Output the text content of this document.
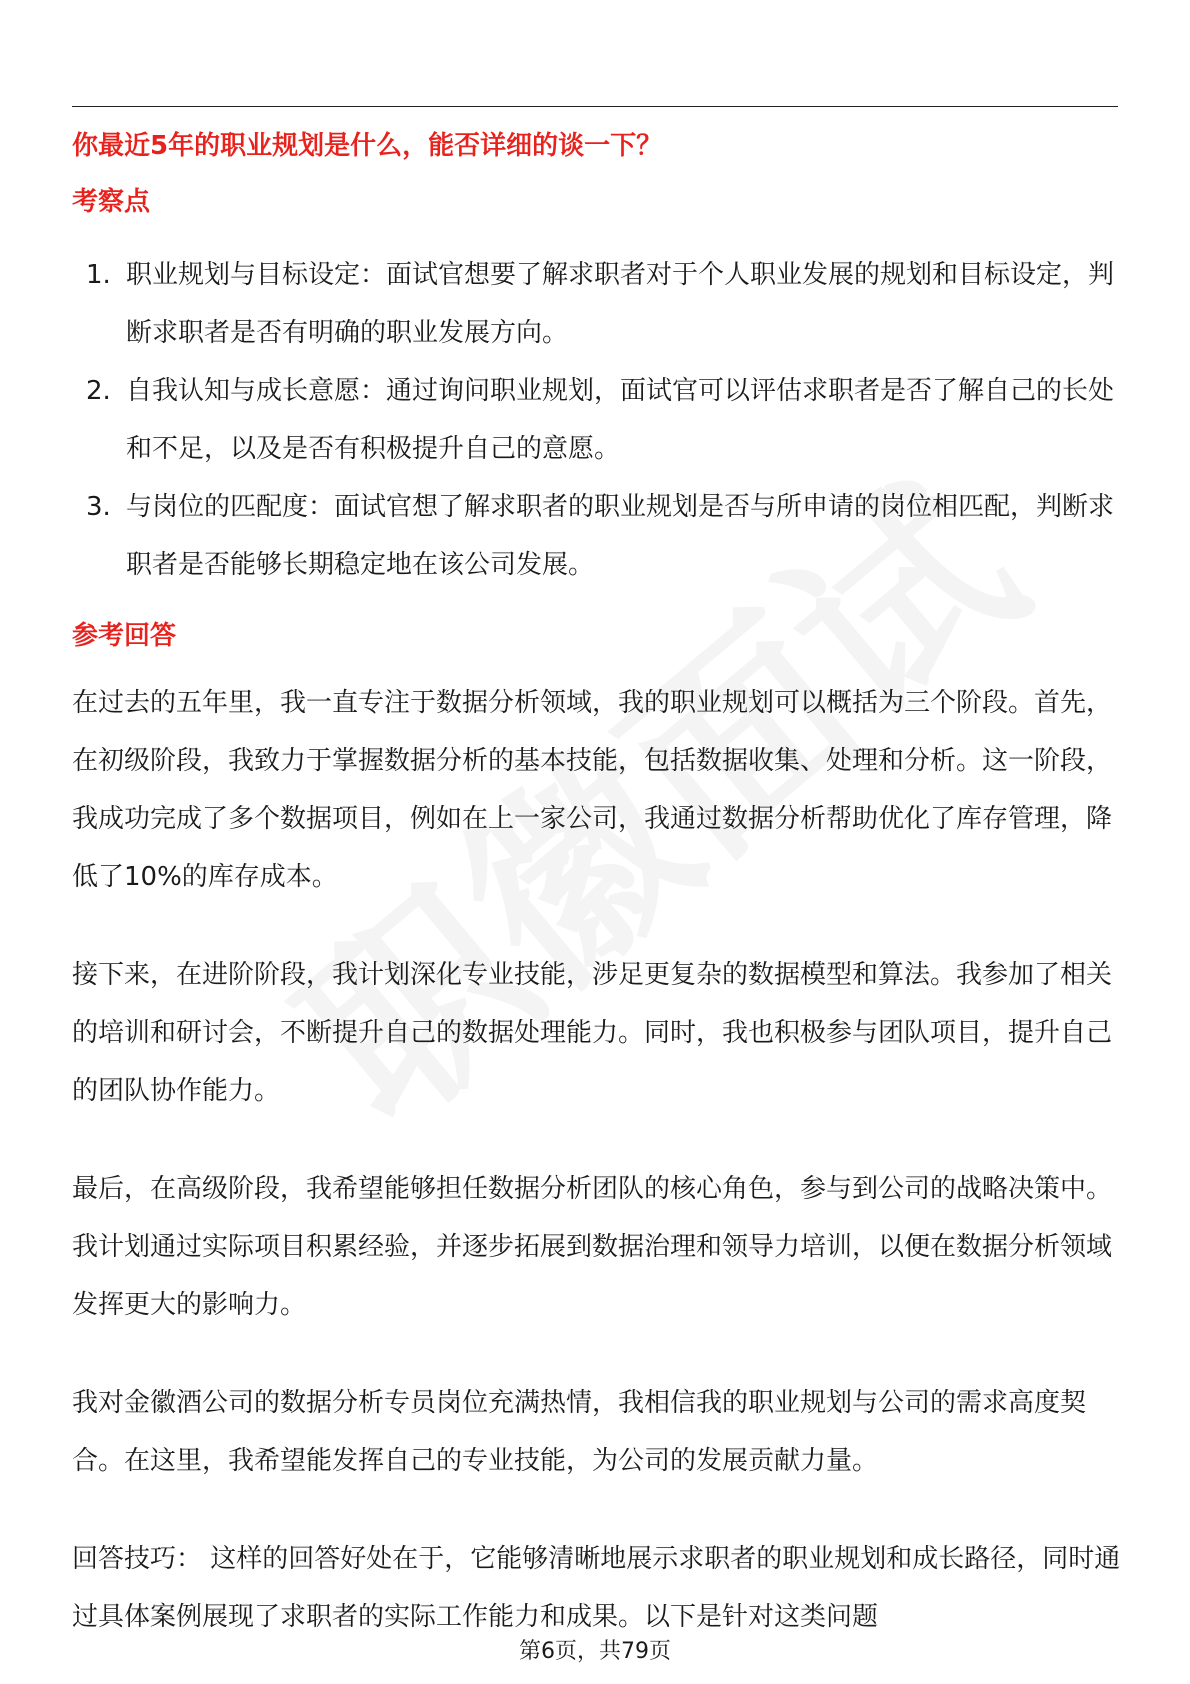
你最近5年的职业规划是什么，能否详细的谈一下？
考察点
1. 职业规划与目标设定：面试官想要了解求职者对于个人职业发展的规划和目标设定，判断求职者是否有明确的职业发展方向。
2. 自我认知与成长意愿：通过询问职业规划，面试官可以评估求职者是否了解自己的长处和不足，以及是否有积极提升自己的意愿。
3. 与岗位的匹配度：面试官想了解求职者的职业规划是否与所申请的岗位相匹配，判断求职者是否能够长期稳定地在该公司发展。
参考回答

在过去的五年里，我一直专注于数据分析领域，我的职业规划可以概括为三个阶段。首先，在初级阶段，我致力于掌握数据分析的基本技能，包括数据收集、处理和分析。这一阶段，我成功完成了多个数据项目，例如在上一家公司，我通过数据分析帮助优化了库存管理，降低了10%的库存成本。

接下来，在进阶阶段，我计划深化专业技能，涉足更复杂的数据模型和算法。我参加了相关的培训和研讨会，不断提升自己的数据处理能力。同时，我也积极参与团队项目，提升自己的团队协作能力。

最后，在高级阶段，我希望能够担任数据分析团队的核心角色，参与到公司的战略决策中。我计划通过实际项目积累经验，并逐步拓展到数据治理和领导力培训，以便在数据分析领域发挥更大的影响力。

我对金徽酒公司的数据分析专员岗位充满热情，我相信我的职业规划与公司的需求高度契合。在这里，我希望能发挥自己的专业技能，为公司的发展贡献力量。

回答技巧： 这样的回答好处在于，它能够清晰地展示求职者的职业规划和成长路径，同时通过具体案例展现了求职者的实际工作能力和成果。以下是针对这类问题

第6页，共79页
